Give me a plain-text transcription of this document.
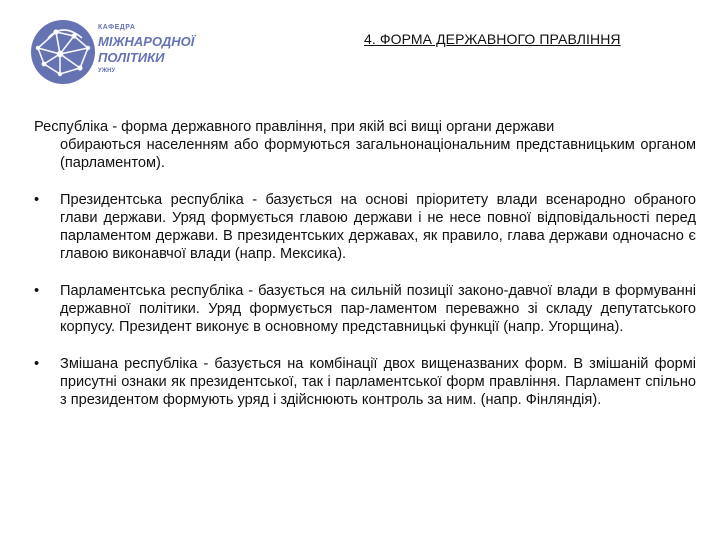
КАФЕДРА
МІЖНАРОДНОЇ
ПОЛІТИКИ
УЖНУ
4. ФОРМА ДЕРЖАВНОГО ПРАВЛІННЯ

Республіка - форма державного правління, при якій всі вищі органи держави
обираються населенням або формуються загальнонаціональним представницьким органом (парламентом).

• Президентська республіка - базується на основі пріоритету влади всенародно обраного глави держави. Уряд формується главою держави і не несе повної відповідальності перед парламентом держави. В президентських державах, як правило, глава держави одночасно є главою виконавчої влади (напр. Мексика).
• Парламентська республіка - базується на сильній позиції законо-давчої влади в формуванні державної політики. Уряд формується пар-ламентом переважно зі складу депутатського корпусу. Президент виконує в основному представницькі функції (напр. Угорщина).
• Змішана республіка - базується на комбінації двох вищеназваних форм. В змішаній формі присутні ознаки як президентської, так і парламентської форм правління. Парламент спільно з президентом формують уряд і здійснюють контроль за ним. (напр. Фінляндія).
